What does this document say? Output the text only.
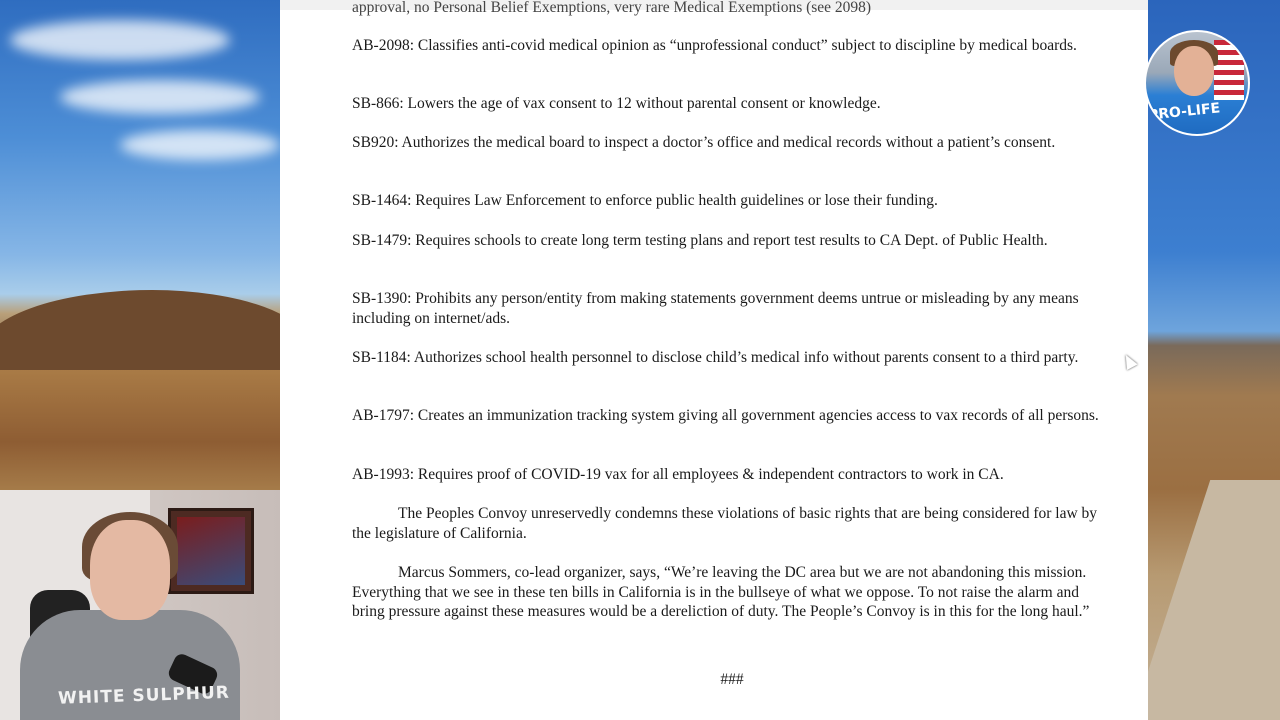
WHITE SULPHUR

approval, no Personal Belief Exemptions, very rare Medical Exemptions (see 2098)

AB-2098: Classifies anti-covid medical opinion as “unprofessional conduct” subject to discipline by medical boards.

SB-866: Lowers the age of vax consent to 12 without parental consent or knowledge.

SB920: Authorizes the medical board to inspect a doctor’s office and medical records without a patient’s consent.

SB-1464: Requires Law Enforcement to enforce public health guidelines or lose their funding.

SB-1479: Requires schools to create long term testing plans and report test results to CA Dept. of Public Health.

SB-1390: Prohibits any person/entity from making statements government deems untrue or misleading by any means including on internet/ads.

SB-1184: Authorizes school health personnel to disclose child’s medical info without parents consent to a third party.

AB-1797: Creates an immunization tracking system giving all government agencies access to vax records of all persons.

AB-1993: Requires proof of COVID-19 vax for all employees & independent contractors to work in CA.

The Peoples Convoy unreservedly condemns these violations of basic rights that are being considered for law by the legislature of California.

Marcus Sommers, co-lead organizer, says, “We’re leaving the DC area but we are not abandoning this mission. Everything that we see in these ten bills in California is in the bullseye of what we oppose. To not raise the alarm and bring pressure against these measures would be a dereliction of duty. The People’s Convoy is in this for the long haul.”

###

PRO-LIFE
